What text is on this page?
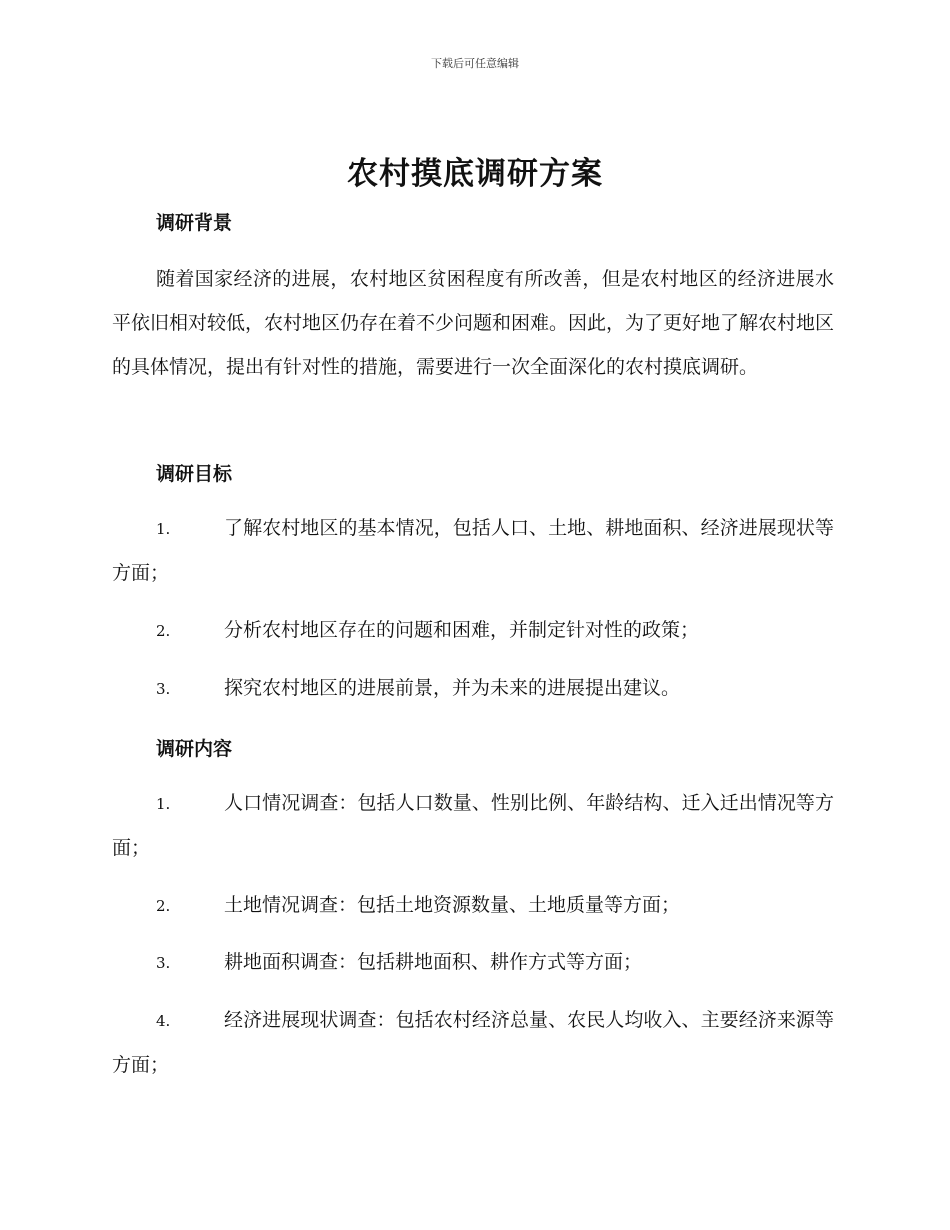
下载后可任意编辑
农村摸底调研方案
调研背景
随着国家经济的进展，农村地区贫困程度有所改善，但是农村地区的经济进展水平依旧相对较低，农村地区仍存在着不少问题和困难。因此，为了更好地了解农村地区的具体情况，提出有针对性的措施，需要进行一次全面深化的农村摸底调研。
调研目标
1.	了解农村地区的基本情况，包括人口、土地、耕地面积、经济进展现状等方面；
2.	分析农村地区存在的问题和困难，并制定针对性的政策；
3.	探究农村地区的进展前景，并为未来的进展提出建议。
调研内容
1.	人口情况调查：包括人口数量、性别比例、年龄结构、迁入迁出情况等方面；
2.	土地情况调查：包括土地资源数量、土地质量等方面；
3.	耕地面积调查：包括耕地面积、耕作方式等方面；
4.	经济进展现状调查：包括农村经济总量、农民人均收入、主要经济来源等方面；
